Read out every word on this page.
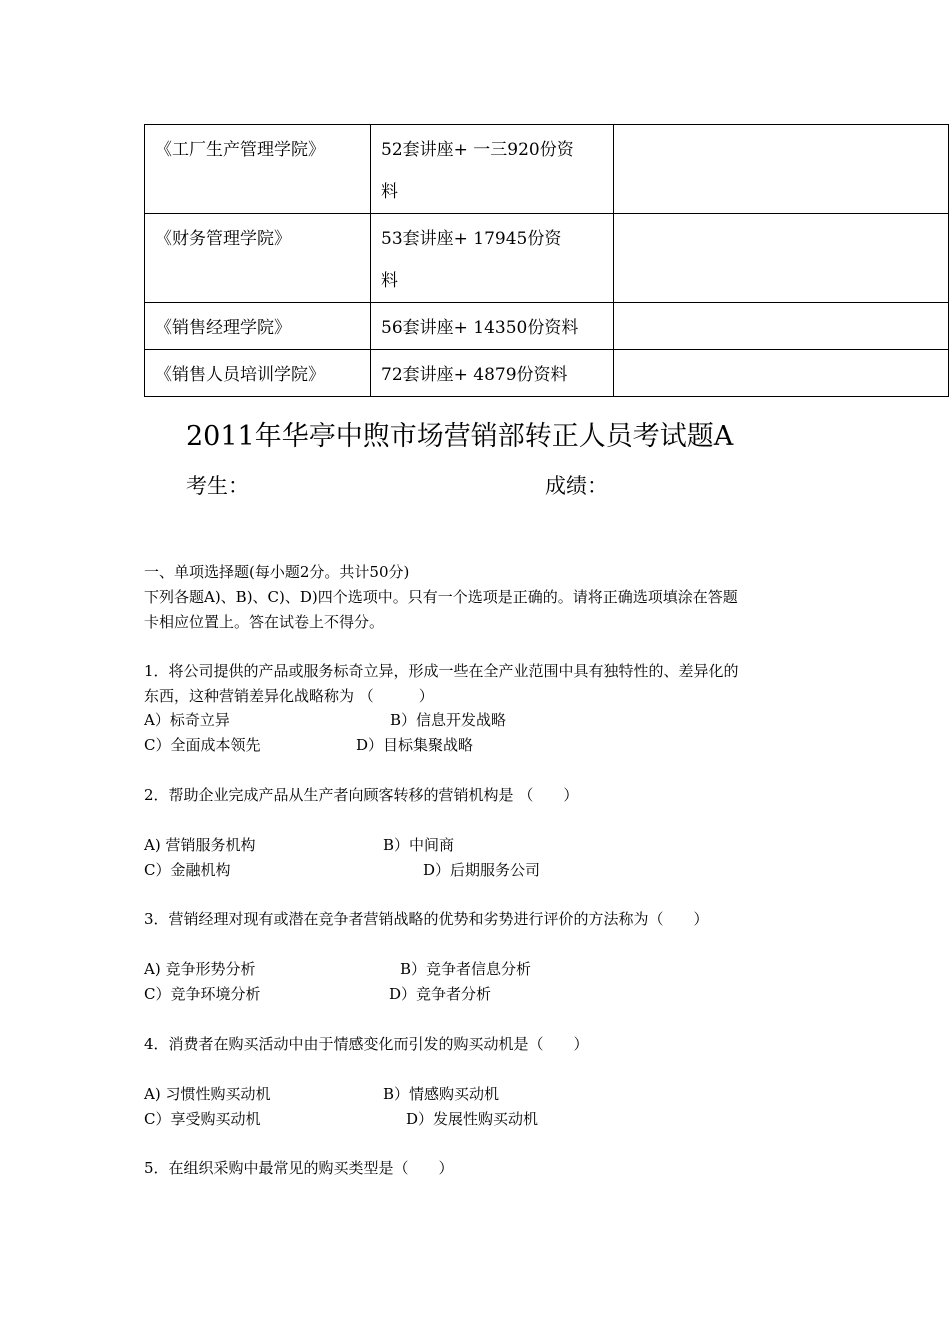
《工厂生产管理学院》	52套讲座+ 一三920份资
料	
《财务管理学院》	53套讲座+ 17945份资
料	
《销售经理学院》	56套讲座+ 14350份资料	
《销售人员培训学院》	72套讲座+ 4879份资料	
2011年华亭中煦市场营销部转正人员考试题A
考生：	成绩：
一、单项选择题(每小题2分。共计50分)
下列各题A)、B)、C)、D)四个选项中。只有一个选项是正确的。请将正确选项填涂在答题
卡相应位置上。答在试卷上不得分。
1．将公司提供的产品或服务标奇立异，形成一些在全产业范围中具有独特性的、差异化的
东西，这种营销差异化战略称为 （　　　）
A）标奇立异	B）信息开发战略
C）全面成本领先	D）目标集聚战略
2．帮助企业完成产品从生产者向顾客转移的营销机构是 （　　）
A) 营销服务机构	B）中间商
C）金融机构	D）后期服务公司
3．营销经理对现有或潜在竞争者营销战略的优势和劣势进行评价的方法称为（　　）
A) 竞争形势分析	B）竞争者信息分析
C）竞争环境分析	D）竞争者分析
4．消费者在购买活动中由于情感变化而引发的购买动机是（　　）
A) 习惯性购买动机	B）情感购买动机
C）享受购买动机	D）发展性购买动机
5．在组织采购中最常见的购买类型是（　　）
